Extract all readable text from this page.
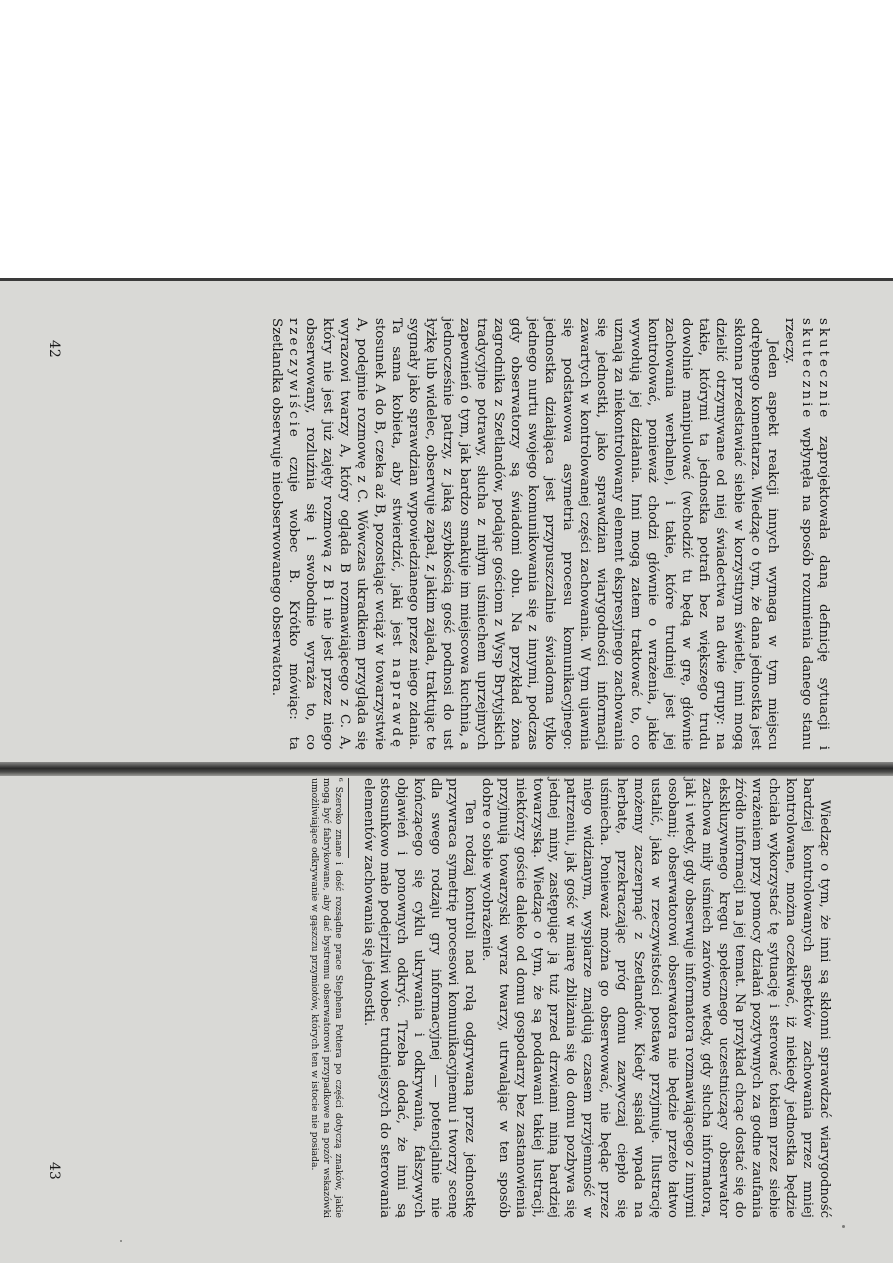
skutecznie zaprojektowała daną definicję sytuacji i skutecznie wpłynęła na sposób rozumienia danego stanu rzeczy.

Jeden aspekt reakcji innych wymaga w tym miejscu odrębnego komentarza. Wiedząc o tym, że dana jednostka jest skłonna przedstawiać siebie w korzystnym świetle, inni mogą dzielić otrzymywane od niej świadectwa na dwie grupy: na takie, którymi ta jednostka potrafi bez większego trudu dowolnie manipulować (wchodzić tu będą w grę, głównie zachowania werbalne), i takie, które trudniej jest jej kontrolować, ponieważ chodzi głównie o wrażenia, jakie wywołują jej działania. Inni mogą zatem traktować to, co uznają za niekontrolowany element ekspresyjnego zachowania się jednostki, jako sprawdzian wiarygodności informacji zawartych w kontrolowanej części zachowania. W tym ujawnia się podstawowa asymetria procesu komunikacyjnego: jednostka działająca jest przypuszczalnie świadoma tylko jednego nurtu swojego komunikowania się z innymi, podczas gdy obserwatorzy są świadomi obu. Na przykład żona zagrodnika z Szetlandów, podając gościom z Wysp Brytyjskich tradycyjne potrawy, słucha z miłym uśmiechem uprzejmych zapewnień o tym, jak bardzo smakuje im miejscowa kuchnia, a jednocześnie patrzy, z jaką szybkością gość podnosi do ust łyżkę lub widelec, obserwuje zapał, z jakim zajada, traktując te sygnały jako sprawdzian wypowiedzianego przez niego zdania. Ta sama kobieta, aby stwierdzić, jaki jest naprawdę stosunek A do B, czeka aż B, pozostając wciąż w towarzystwie A, podejmie rozmowę z C. Wówczas ukradkiem przygląda się wyrazowi twarzy A, który ogląda B rozmawiającego z C. A, który nie jest już zajęty rozmową z B i nie jest przez niego obserwowany, rozluźnia się i swobodnie wyraża to, co rzeczywiście czuje wobec B. Krótko mówiąc: ta Szetlandka obserwuje nieobserwowanego obserwatora.

Wiedząc o tym, że inni są skłonni sprawdzać wiarygodność bardziej kontrolowanych aspektów zachowania przez mniej kontrolowane, można oczekiwać, iż niekiedy jednostka będzie chciała wykorzystać tę sytuację i sterować tokiem przez siebie wrażeniem przy pomocy działań pozytywnych za godne zaufania źródło informacji na jej temat. Na przykład chcąc dostać się do ekskluzywnego kręgu społecznego uczestniczący obserwator zachowa miły uśmiech zarówno wtedy, gdy słucha informatora, jak i wtedy, gdy obserwuje informatora rozmawiającego z innymi osobami; obserwatorowi obserwatora nie będzie przeto łatwo ustalić, jaka w rzeczywistości postawę przyjmuje. Ilustrację możemy zaczerpnąć z Szetlandów. Kiedy sąsiad wpada na herbatę, przekraczając próg domu zazwyczaj ciepło się uśmiecha. Ponieważ można go obserwować, nie będąc przez niego widzianym, wyspiarze znajdują czasem przyjemność w patrzeniu, jak gość w miarę zbliżania się do domu pozbywa się jednej miny, zastępując ją tuż przed drzwiami miną bardziej towarzyską. Wiedząc o tym, że są poddawani takiej lustracji, niektórzy goście daleko od domu gospodarzy bez zastanowienia przyjmują towarzyski wyraz twarzy, utrwalając w ten sposób dobre o sobie wyobrażenie.

Ten rodzaj kontroli nad rolą odgrywaną przez jednostkę przywraca symetrię procesowi komunikacyjnemu i tworzy scenę dla swego rodzaju gry informacyjnej — potencjalnie nie kończącego się cyklu ukrywania i odkrywania, fałszywych objawień i ponownych odkryć. Trzeba dodać, że inni są stosunkowo mało podejrzliwi wobec trudniejszych do sterowania elementów zachowania się jednostki.

⁶ Szeroko znane i dość rozsądne prace Stephena Pottera po części dotyczą znaków, jakie mogą być fabrykowane, aby dać bystremu obserwatorowi przypadkowe na pozór wskazówki umożliwiające odkrywanie w gąszczu przymiotów, których ten w istocie nie posiada.
42
43
